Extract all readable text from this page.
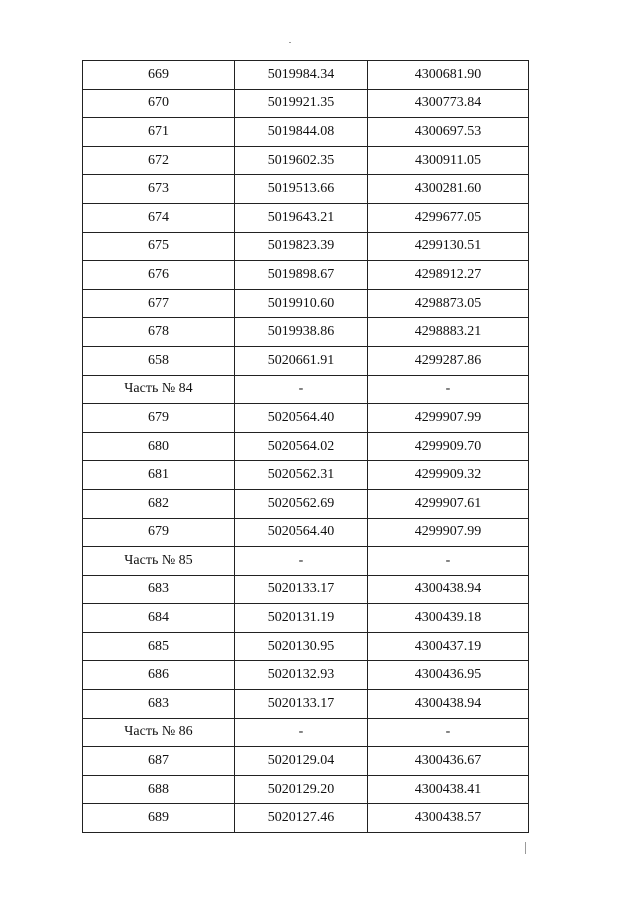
669	5019984.34	4300681.90
670	5019921.35	4300773.84
671	5019844.08	4300697.53
672	5019602.35	4300911.05
673	5019513.66	4300281.60
674	5019643.21	4299677.05
675	5019823.39	4299130.51
676	5019898.67	4298912.27
677	5019910.60	4298873.05
678	5019938.86	4298883.21
658	5020661.91	4299287.86
Часть № 84	-	-
679	5020564.40	4299907.99
680	5020564.02	4299909.70
681	5020562.31	4299909.32
682	5020562.69	4299907.61
679	5020564.40	4299907.99
Часть № 85	-	-
683	5020133.17	4300438.94
684	5020131.19	4300439.18
685	5020130.95	4300437.19
686	5020132.93	4300436.95
683	5020133.17	4300438.94
Часть № 86	-	-
687	5020129.04	4300436.67
688	5020129.20	4300438.41
689	5020127.46	4300438.57
